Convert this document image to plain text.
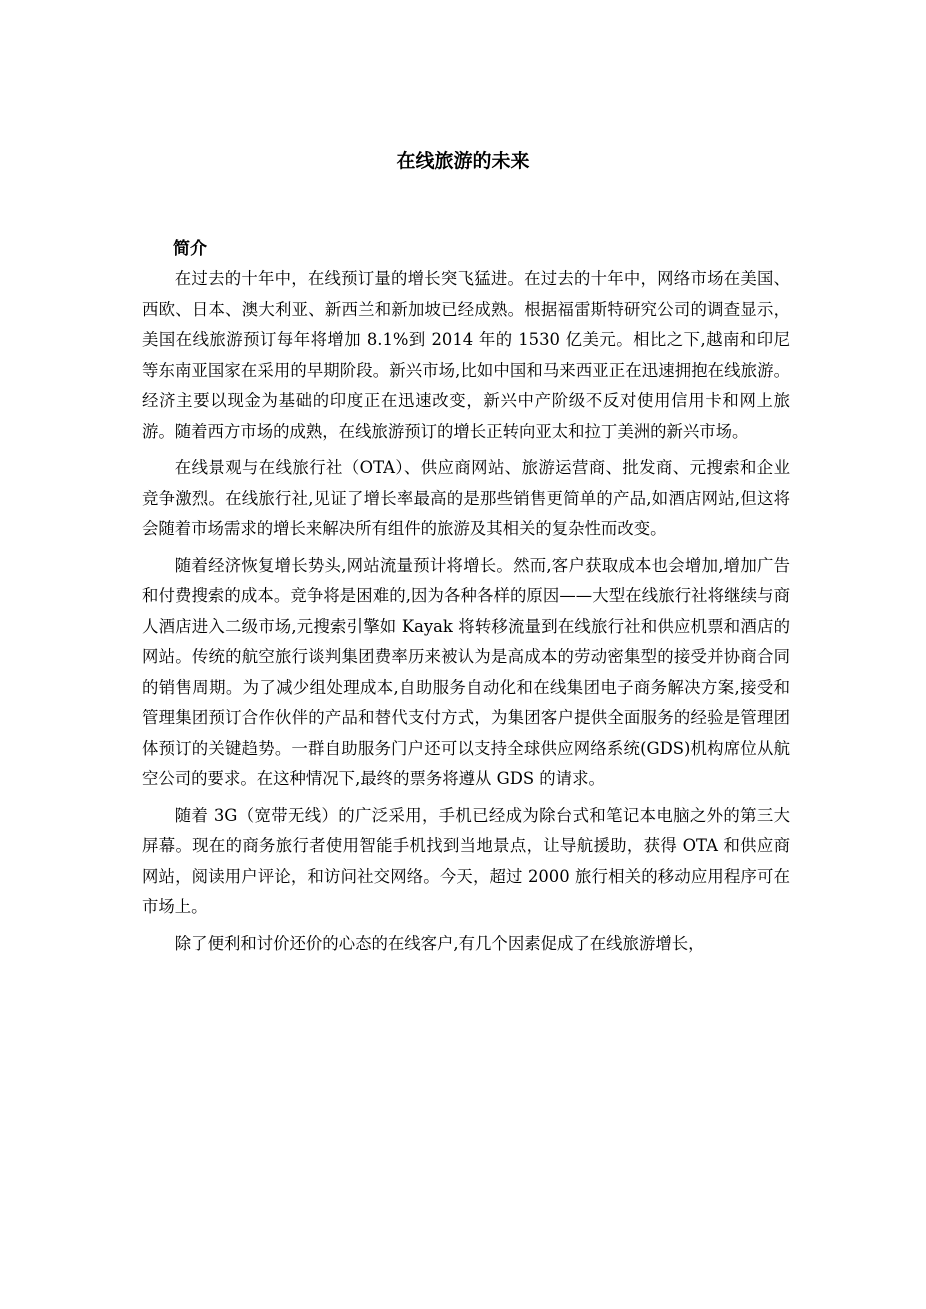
在线旅游的未来
简介

在过去的十年中，在线预订量的增长突飞猛进。在过去的十年中，网络市场在美国、西欧、日本、澳大利亚、新西兰和新加坡已经成熟。根据福雷斯特研究公司的调查显示，美国在线旅游预订每年将增加 8.1%到 2014 年的 1530 亿美元。相比之下,越南和印尼等东南亚国家在采用的早期阶段。新兴市场,比如中国和马来西亚正在迅速拥抱在线旅游。经济主要以现金为基础的印度正在迅速改变，新兴中产阶级不反对使用信用卡和网上旅游。随着西方市场的成熟，在线旅游预订的增长正转向亚太和拉丁美洲的新兴市场。

在线景观与在线旅行社（OTA）、供应商网站、旅游运营商、批发商、元搜索和企业竞争激烈。在线旅行社,见证了增长率最高的是那些销售更简单的产品,如酒店网站,但这将会随着市场需求的增长来解决所有组件的旅游及其相关的复杂性而改变。

随着经济恢复增长势头,网站流量预计将增长。然而,客户获取成本也会增加,增加广告和付费搜索的成本。竞争将是困难的,因为各种各样的原因——大型在线旅行社将继续与商人酒店进入二级市场,元搜索引擎如 Kayak 将转移流量到在线旅行社和供应机票和酒店的网站。传统的航空旅行谈判集团费率历来被认为是高成本的劳动密集型的接受并协商合同的销售周期。为了减少组处理成本,自助服务自动化和在线集团电子商务解决方案,接受和管理集团预订合作伙伴的产品和替代支付方式，为集团客户提供全面服务的经验是管理团体预订的关键趋势。一群自助服务门户还可以支持全球供应网络系统(GDS)机构席位从航空公司的要求。在这种情况下,最终的票务将遵从 GDS 的请求。

随着 3G（宽带无线）的广泛采用，手机已经成为除台式和笔记本电脑之外的第三大屏幕。现在的商务旅行者使用智能手机找到当地景点，让导航援助，获得 OTA 和供应商网站，阅读用户评论，和访问社交网络。今天，超过 2000 旅行相关的移动应用程序可在市场上。

除了便利和讨价还价的心态的在线客户,有几个因素促成了在线旅游增长，
